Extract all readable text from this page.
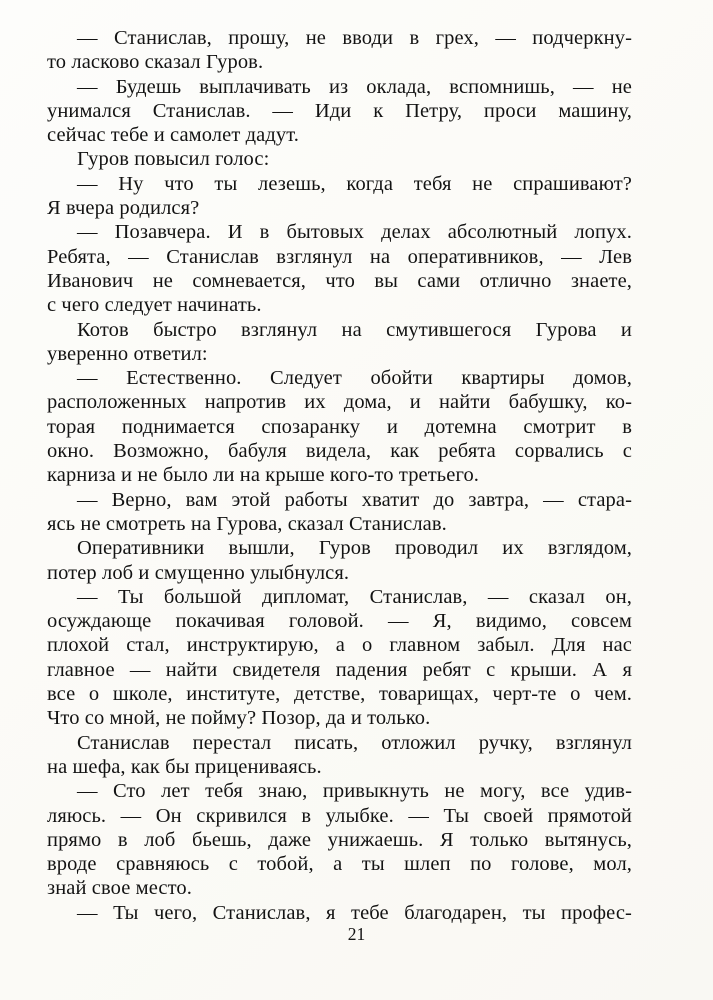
— Станислав, прошу, не вводи в грех, — подчеркну-
то ласково сказал Гуров.
— Будешь выплачивать из оклада, вспомнишь, — не
унимался Станислав. — Иди к Петру, проси машину,
сейчас тебе и самолет дадут.
Гуров повысил голос:
— Ну что ты лезешь, когда тебя не спрашивают?
Я вчера родился?
— Позавчера. И в бытовых делах абсолютный лопух.
Ребята, — Станислав взглянул на оперативников, — Лев
Иванович не сомневается, что вы сами отлично знаете,
с чего следует начинать.
Котов быстро взглянул на смутившегося Гурова и
уверенно ответил:
— Естественно. Следует обойти квартиры домов,
расположенных напротив их дома, и найти бабушку, ко-
торая поднимается спозаранку и дотемна смотрит в
окно. Возможно, бабуля видела, как ребята сорвались с
карниза и не было ли на крыше кого-то третьего.
— Верно, вам этой работы хватит до завтра, — стара-
ясь не смотреть на Гурова, сказал Станислав.
Оперативники вышли, Гуров проводил их взглядом,
потер лоб и смущенно улыбнулся.
— Ты большой дипломат, Станислав, — сказал он,
осуждающе покачивая головой. — Я, видимо, совсем
плохой стал, инструктирую, а о главном забыл. Для нас
главное — найти свидетеля падения ребят с крыши. А я
все о школе, институте, детстве, товарищах, черт-те о чем.
Что со мной, не пойму? Позор, да и только.
Станислав перестал писать, отложил ручку, взглянул
на шефа, как бы прицениваясь.
— Сто лет тебя знаю, привыкнуть не могу, все удив-
ляюсь. — Он скривился в улыбке. — Ты своей прямотой
прямо в лоб бьешь, даже унижаешь. Я только вытянусь,
вроде сравняюсь с тобой, а ты шлеп по голове, мол,
знай свое место.
— Ты чего, Станислав, я тебе благодарен, ты профес-
21
